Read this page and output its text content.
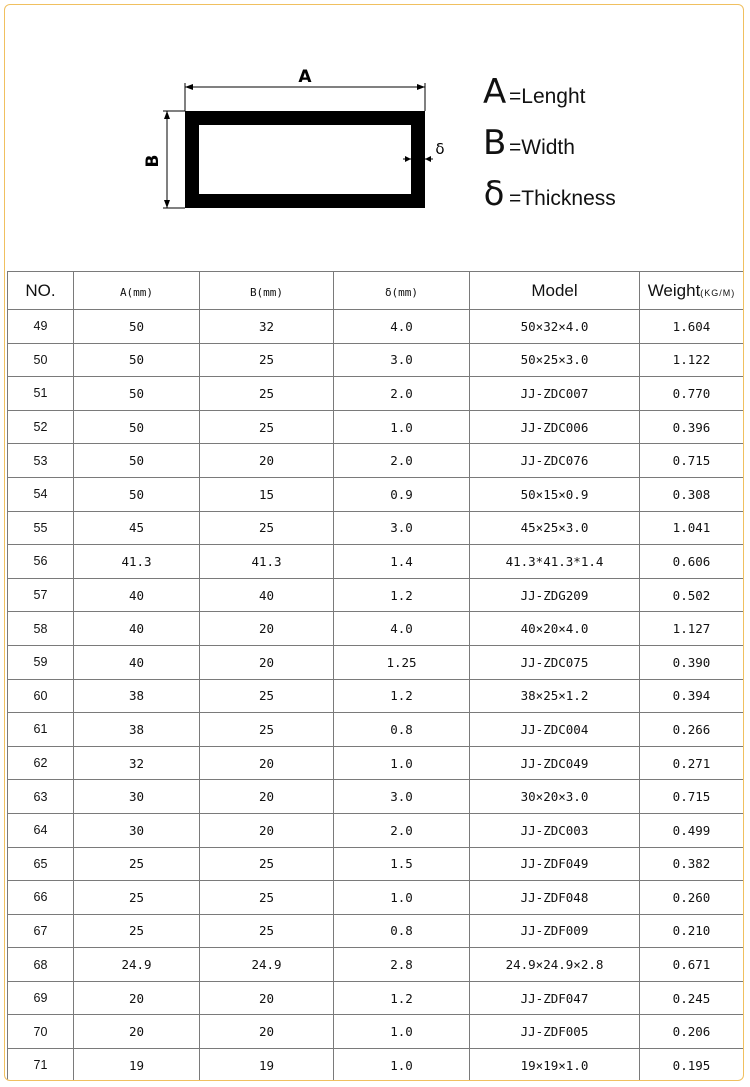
A
B
δ
A =Lenght
B =Width
δ =Thickness
NO.	A(mm)	B(mm)	δ(mm)	Model	Weight(KG/M)
49	50	32	4.0	50×32×4.0	1.604
50	50	25	3.0	50×25×3.0	1.122
51	50	25	2.0	JJ-ZDC007	0.770
52	50	25	1.0	JJ-ZDC006	0.396
53	50	20	2.0	JJ-ZDC076	0.715
54	50	15	0.9	50×15×0.9	0.308
55	45	25	3.0	45×25×3.0	1.041
56	41.3	41.3	1.4	41.3*41.3*1.4	0.606
57	40	40	1.2	JJ-ZDG209	0.502
58	40	20	4.0	40×20×4.0	1.127
59	40	20	1.25	JJ-ZDC075	0.390
60	38	25	1.2	38×25×1.2	0.394
61	38	25	0.8	JJ-ZDC004	0.266
62	32	20	1.0	JJ-ZDC049	0.271
63	30	20	3.0	30×20×3.0	0.715
64	30	20	2.0	JJ-ZDC003	0.499
65	25	25	1.5	JJ-ZDF049	0.382
66	25	25	1.0	JJ-ZDF048	0.260
67	25	25	0.8	JJ-ZDF009	0.210
68	24.9	24.9	2.8	24.9×24.9×2.8	0.671
69	20	20	1.2	JJ-ZDF047	0.245
70	20	20	1.0	JJ-ZDF005	0.206
71	19	19	1.0	19×19×1.0	0.195
